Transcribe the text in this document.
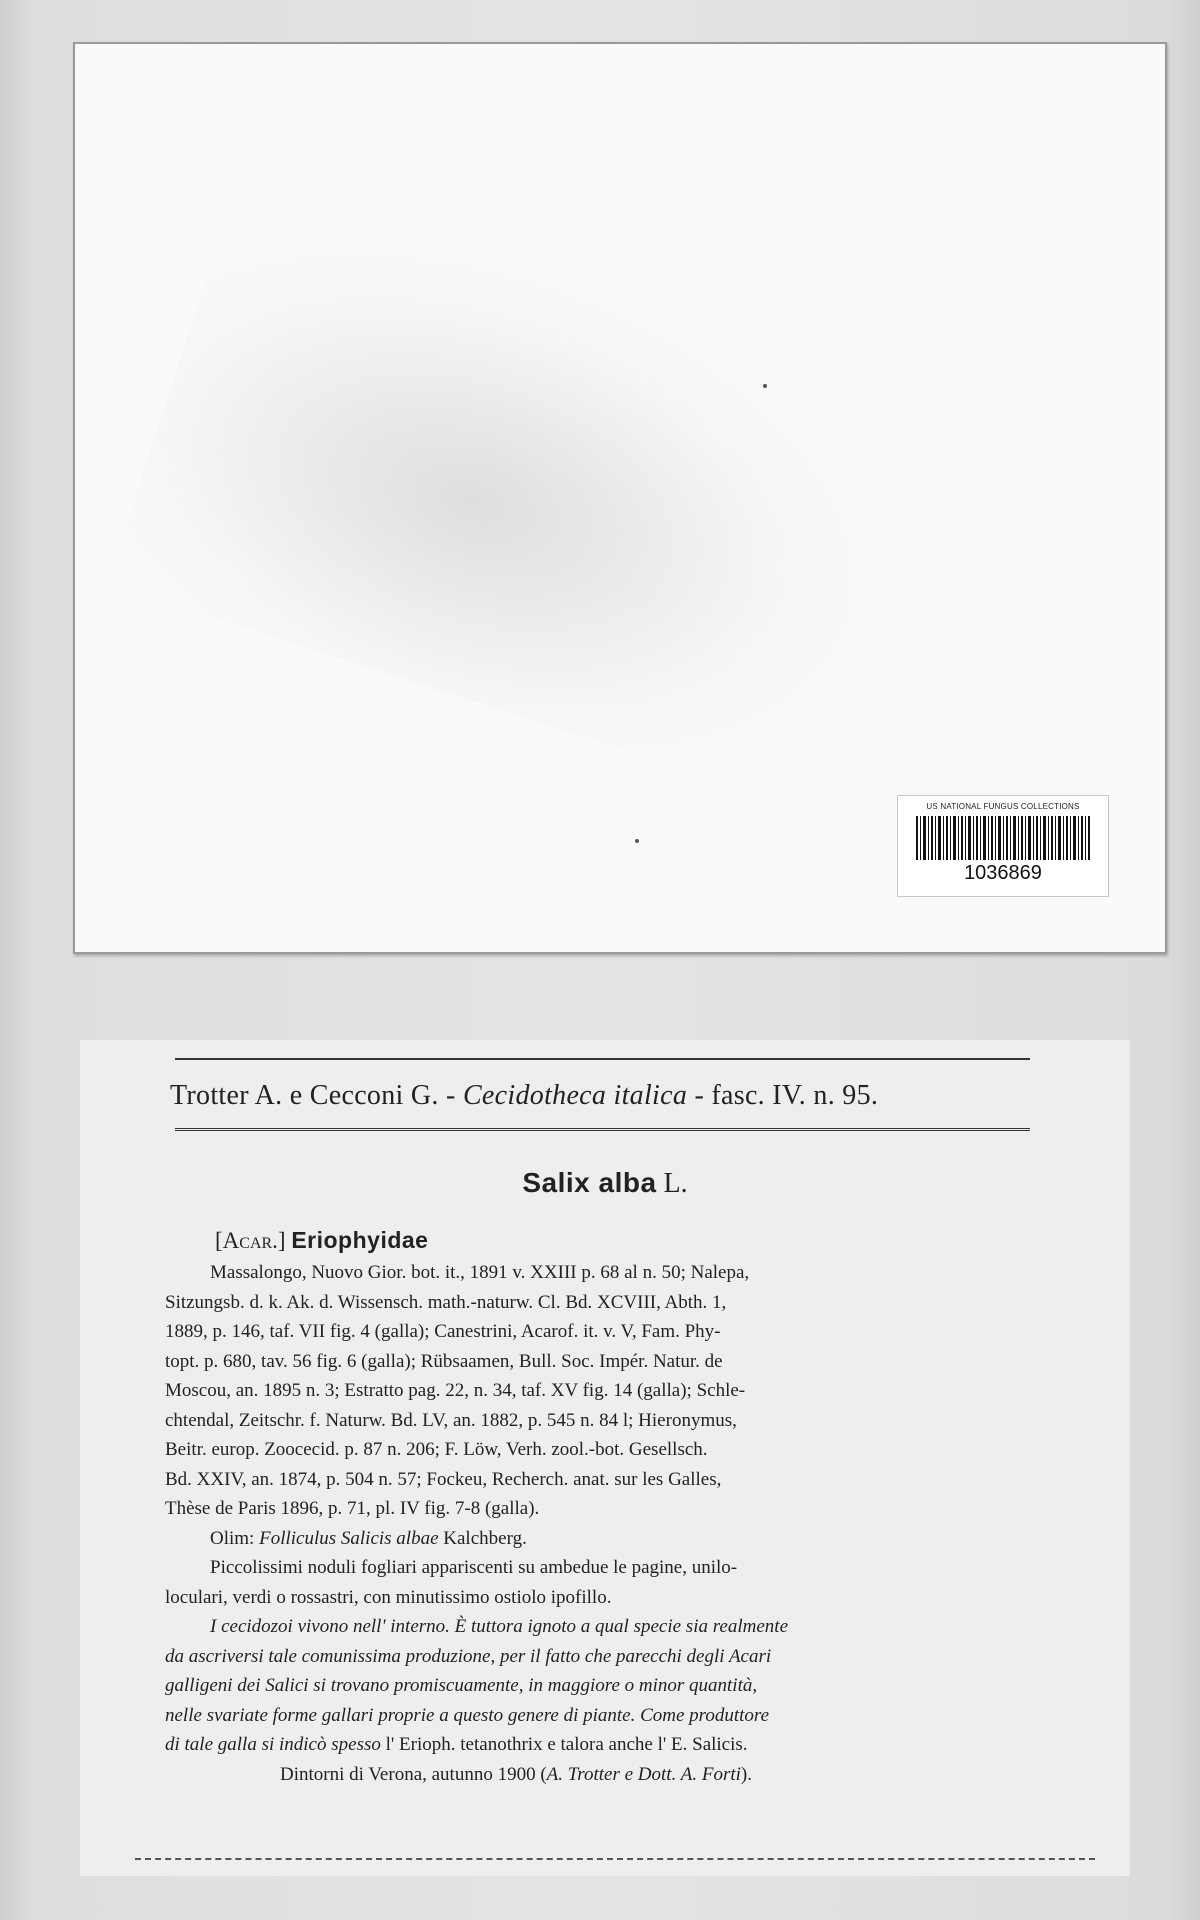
US NATIONAL FUNGUS COLLECTIONS
1036869
Trotter A. e Cecconi G. - Cecidotheca italica - fasc. IV. n. 95.
Salix alba L.
[Acar.] Eriophyidae
Massalongo, Nuovo Gior. bot. it., 1891 v. XXIII p. 68 al n. 50; Nalepa,
Sitzungsb. d. k. Ak. d. Wissensch. math.-naturw. Cl. Bd. XCVIII, Abth. 1,
1889, p. 146, taf. VII fig. 4 (galla); Canestrini, Acarof. it. v. V, Fam. Phy-
topt. p. 680, tav. 56 fig. 6 (galla); Rübsaamen, Bull. Soc. Impér. Natur. de
Moscou, an. 1895 n. 3; Estratto pag. 22, n. 34, taf. XV fig. 14 (galla); Schle-
chtendal, Zeitschr. f. Naturw. Bd. LV, an. 1882, p. 545 n. 84 l; Hieronymus,
Beitr. europ. Zoocecid. p. 87 n. 206; F. Löw, Verh. zool.-bot. Gesellsch.
Bd. XXIV, an. 1874, p. 504 n. 57; Fockeu, Recherch. anat. sur les Galles,
Thèse de Paris 1896, p. 71, pl. IV fig. 7-8 (galla).
Olim: Folliculus Salicis albae Kalchberg.
Piccolissimi noduli fogliari appariscenti su ambedue le pagine, unilo-
loculari, verdi o rossastri, con minutissimo ostiolo ipofillo.
I cecidozoi vivono nell' interno. È tuttora ignoto a qual specie sia realmente
da ascriversi tale comunissima produzione, per il fatto che parecchi degli Acari
galligeni dei Salici si trovano promiscuamente, in maggiore o minor quantità,
nelle svariate forme gallari proprie a questo genere di piante. Come produttore
di tale galla si indicò spesso l' Erioph. tetanothrix e talora anche l' E. Salicis.
Dintorni di Verona, autunno 1900 (A. Trotter e Dott. A. Forti).
